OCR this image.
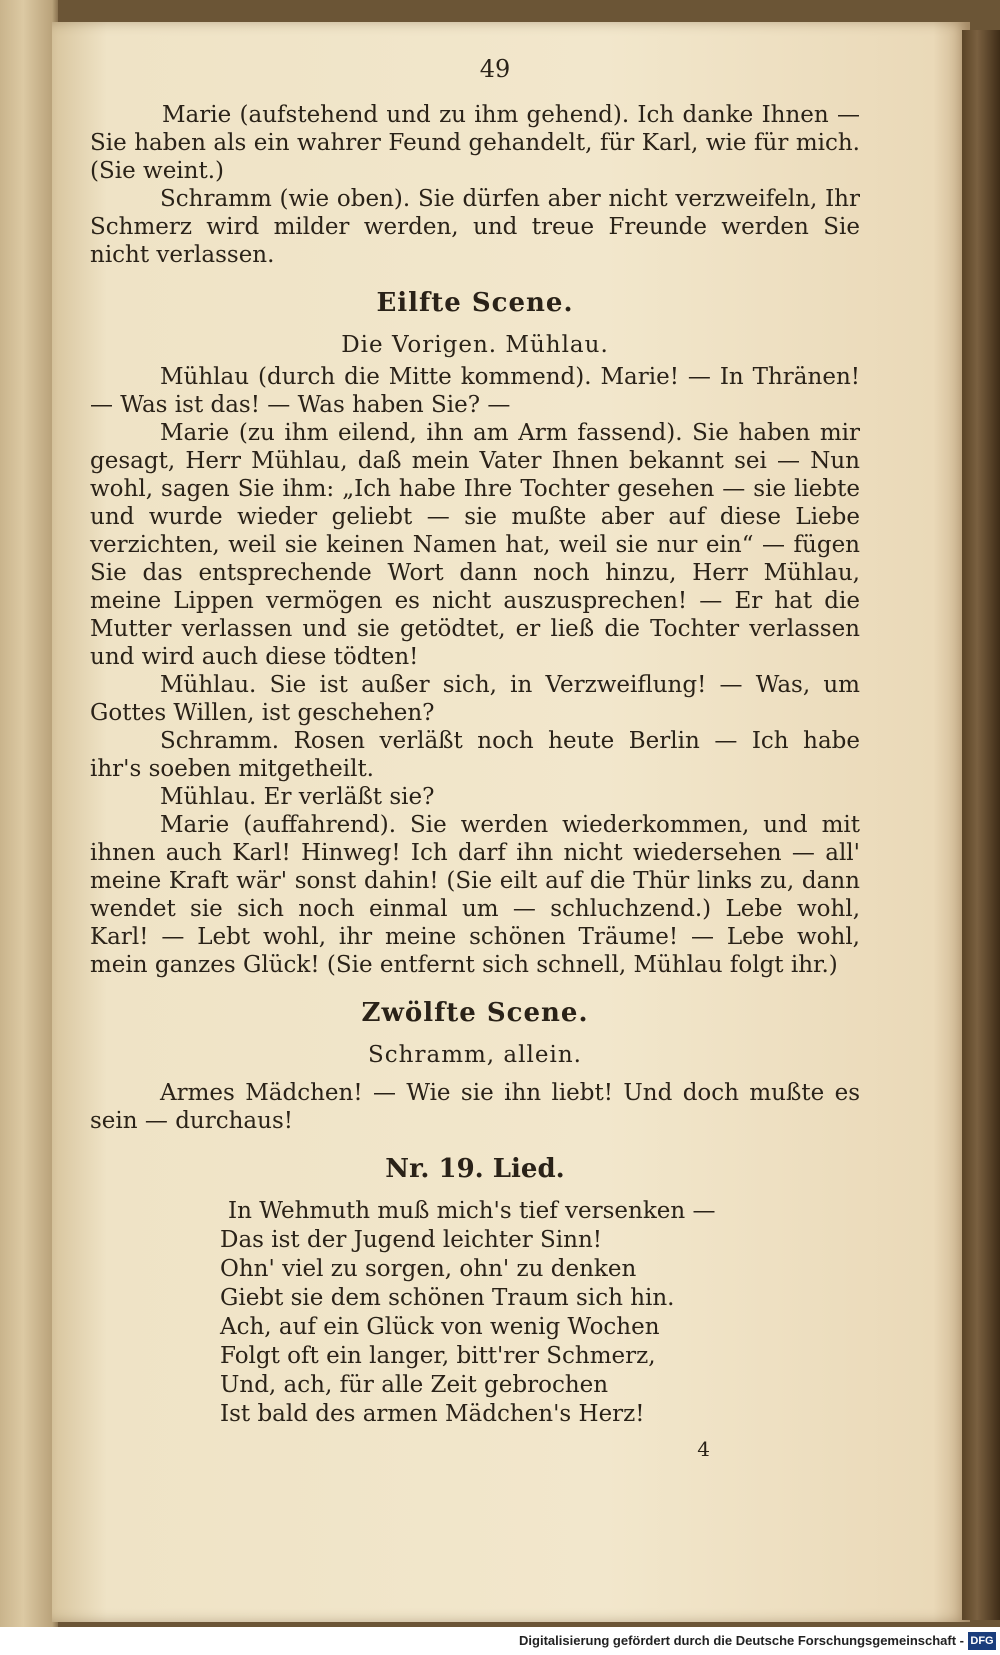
49

Marie (aufstehend und zu ihm gehend). Ich danke Ihnen — Sie haben als ein wahrer Feund gehandelt, für Karl, wie für mich. (Sie weint.)

Schramm (wie oben). Sie dürfen aber nicht verzweifeln, Ihr Schmerz wird milder werden, und treue Freunde werden Sie nicht verlassen.

Eilfte Scene.
Die Vorigen. Mühlau.

Mühlau (durch die Mitte kommend). Marie! — In Thränen! — Was ist das! — Was haben Sie? —

Marie (zu ihm eilend, ihn am Arm fassend). Sie haben mir gesagt, Herr Mühlau, daß mein Vater Ihnen bekannt sei — Nun wohl, sagen Sie ihm: „Ich habe Ihre Tochter gesehen — sie liebte und wurde wieder geliebt — sie mußte aber auf diese Liebe verzichten, weil sie keinen Namen hat, weil sie nur ein“ — fügen Sie das entsprechende Wort dann noch hinzu, Herr Mühlau, meine Lippen vermögen es nicht auszusprechen! — Er hat die Mutter verlassen und sie getödtet, er ließ die Tochter verlassen und wird auch diese tödten!

Mühlau. Sie ist außer sich, in Verzweiflung! — Was, um Gottes Willen, ist geschehen?

Schramm. Rosen verläßt noch heute Berlin — Ich habe ihr's soeben mitgetheilt.

Mühlau. Er verläßt sie?

Marie (auffahrend). Sie werden wiederkommen, und mit ihnen auch Karl! Hinweg! Ich darf ihn nicht wiedersehen — all' meine Kraft wär' sonst dahin! (Sie eilt auf die Thür links zu, dann wendet sie sich noch einmal um — schluchzend.) Lebe wohl, Karl! — Lebt wohl, ihr meine schönen Träume! — Lebe wohl, mein ganzes Glück! (Sie entfernt sich schnell, Mühlau folgt ihr.)

Zwölfte Scene.
Schramm, allein.

Armes Mädchen! — Wie sie ihn liebt! Und doch mußte es sein — durchaus!

Nr. 19. Lied.
In Wehmuth muß mich's tief versenken —
Das ist der Jugend leichter Sinn!
Ohn' viel zu sorgen, ohn' zu denken
Giebt sie dem schönen Traum sich hin.
Ach, auf ein Glück von wenig Wochen
Folgt oft ein langer, bitt'rer Schmerz,
Und, ach, für alle Zeit gebrochen
Ist bald des armen Mädchen's Herz!
4
Digitalisierung gefördert durch die Deutsche Forschungsgemeinschaft - DFG
